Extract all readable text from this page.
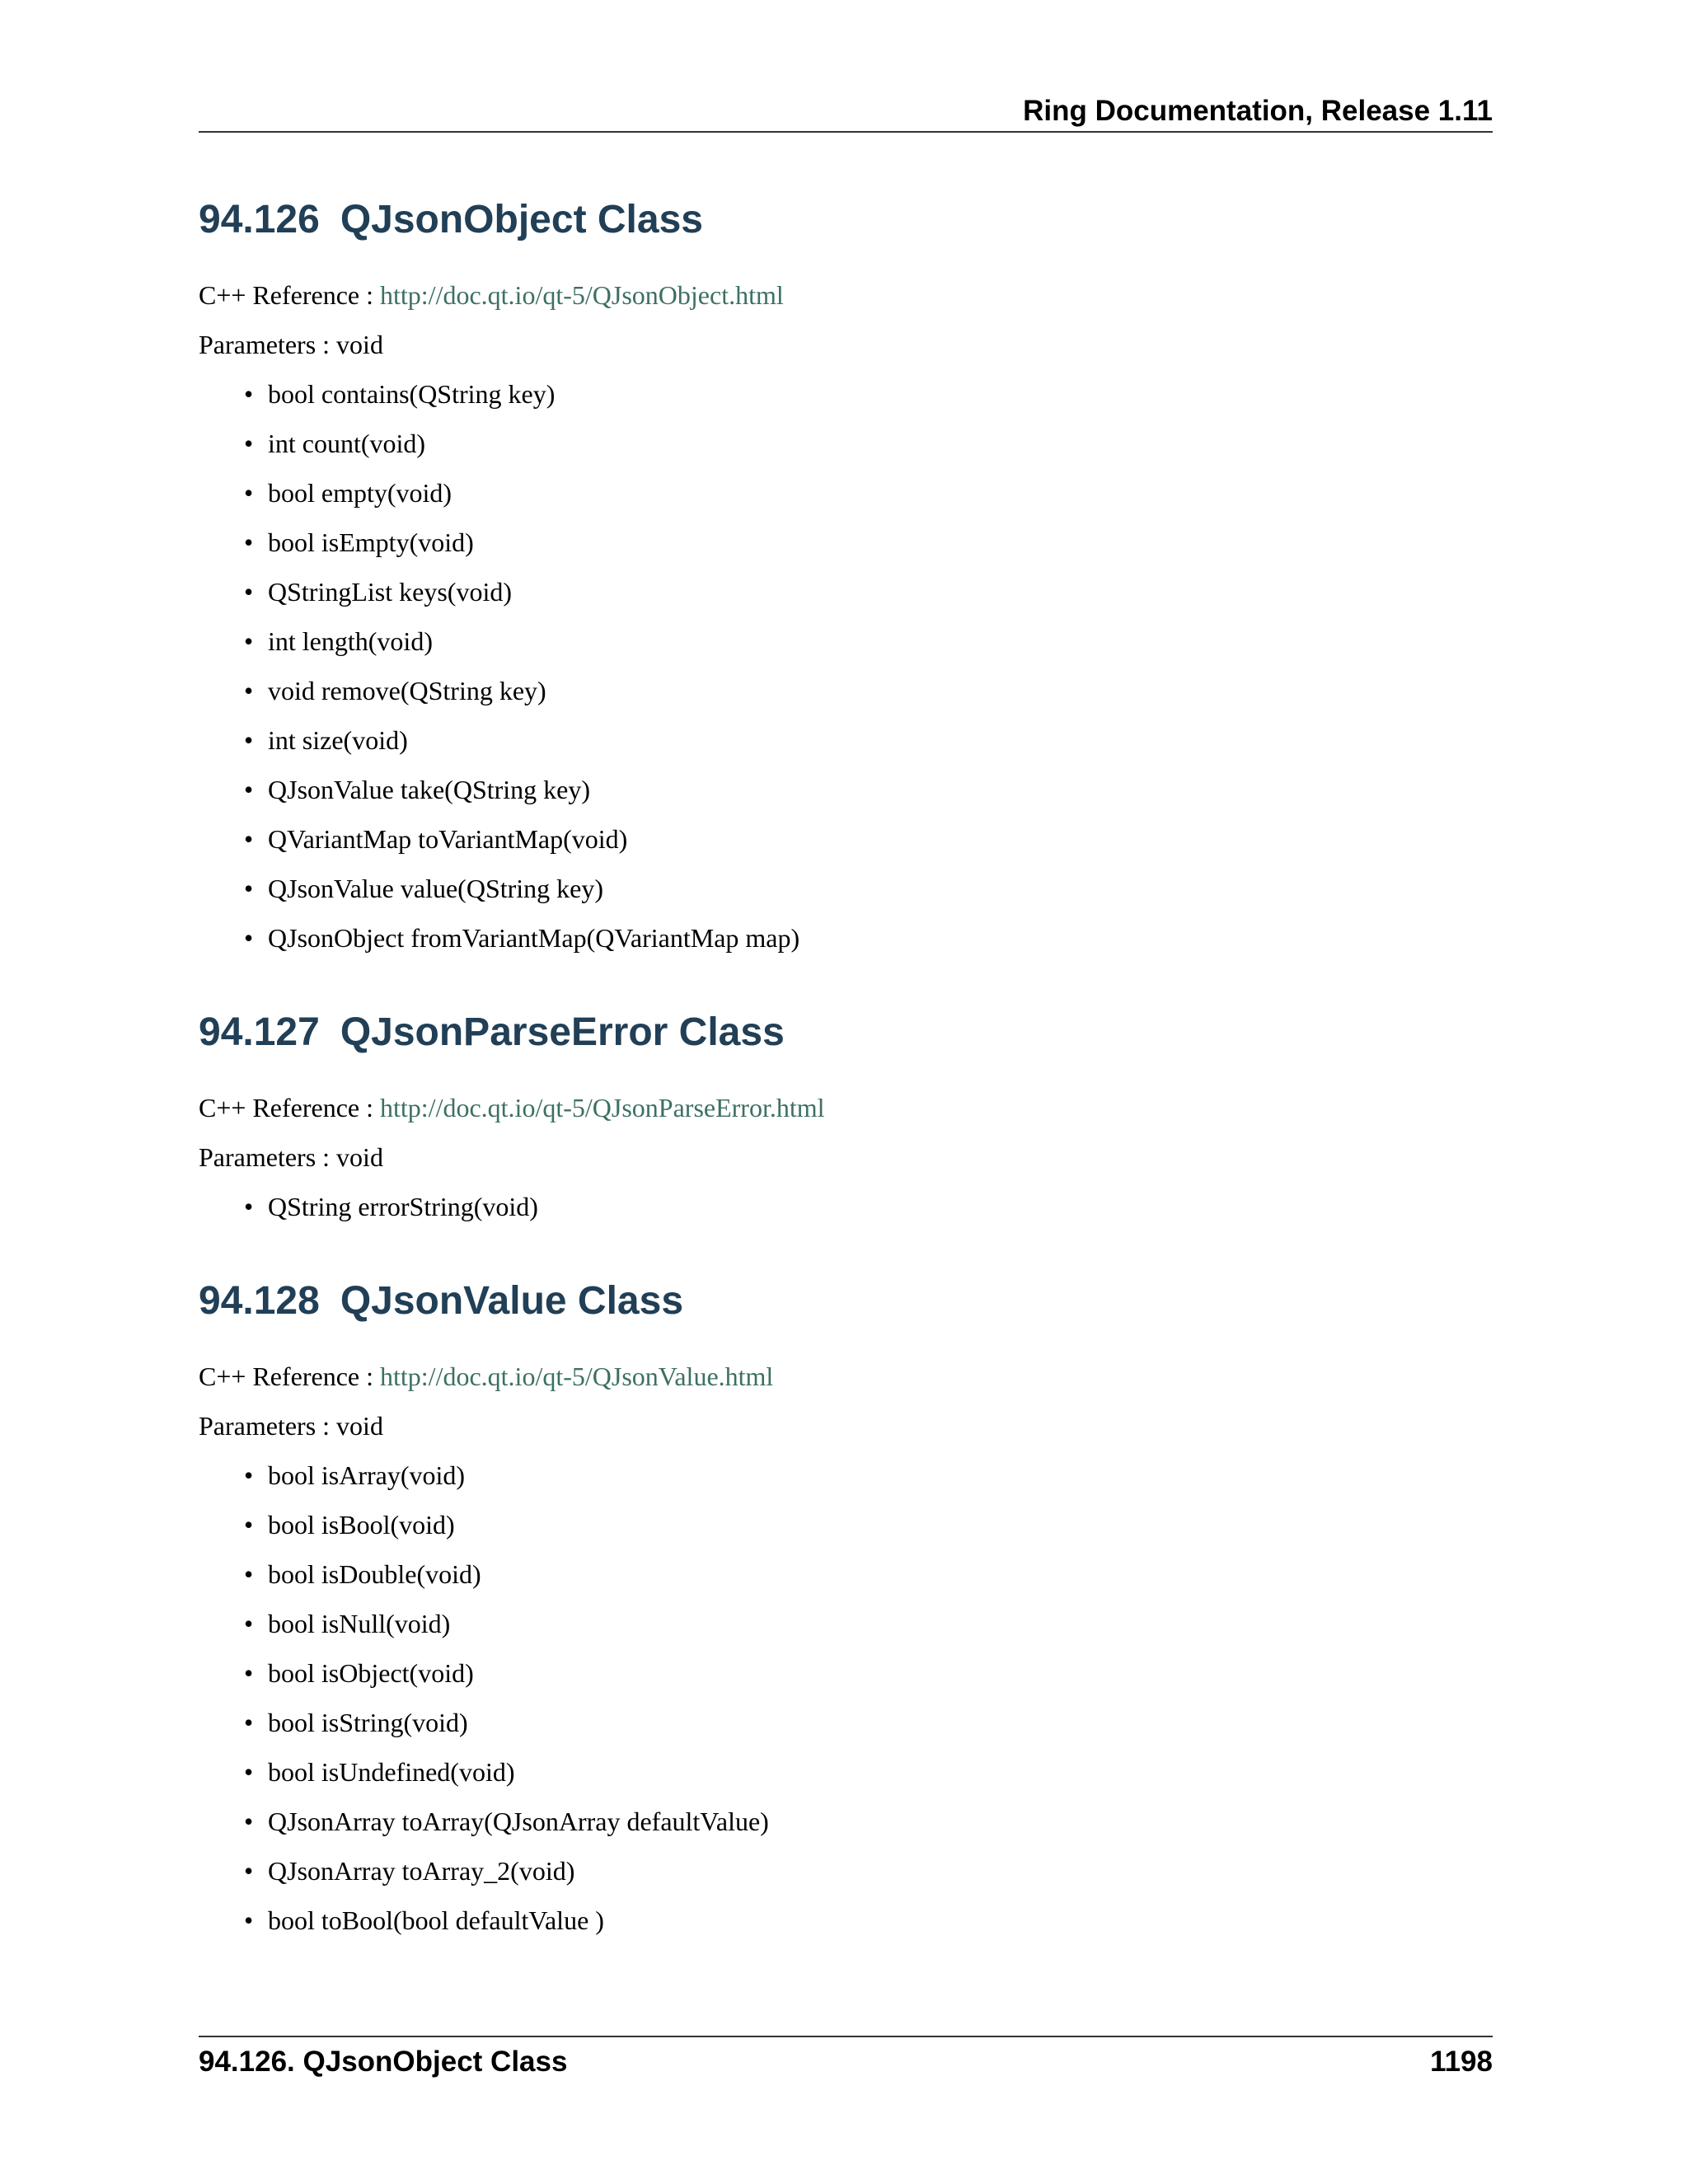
Ring Documentation, Release 1.11
94.126 QJsonObject Class

C++ Reference : http://doc.qt.io/qt-5/QJsonObject.html

Parameters : void

• bool contains(QString key)
• int count(void)
• bool empty(void)
• bool isEmpty(void)
• QStringList keys(void)
• int length(void)
• void remove(QString key)
• int size(void)
• QJsonValue take(QString key)
• QVariantMap toVariantMap(void)
• QJsonValue value(QString key)
• QJsonObject fromVariantMap(QVariantMap map)
94.127 QJsonParseError Class

C++ Reference : http://doc.qt.io/qt-5/QJsonParseError.html

Parameters : void

• QString errorString(void)
94.128 QJsonValue Class

C++ Reference : http://doc.qt.io/qt-5/QJsonValue.html

Parameters : void

• bool isArray(void)
• bool isBool(void)
• bool isDouble(void)
• bool isNull(void)
• bool isObject(void)
• bool isString(void)
• bool isUndefined(void)
• QJsonArray toArray(QJsonArray defaultValue)
• QJsonArray toArray_2(void)
• bool toBool(bool defaultValue )
94.126. QJsonObject Class	1198
